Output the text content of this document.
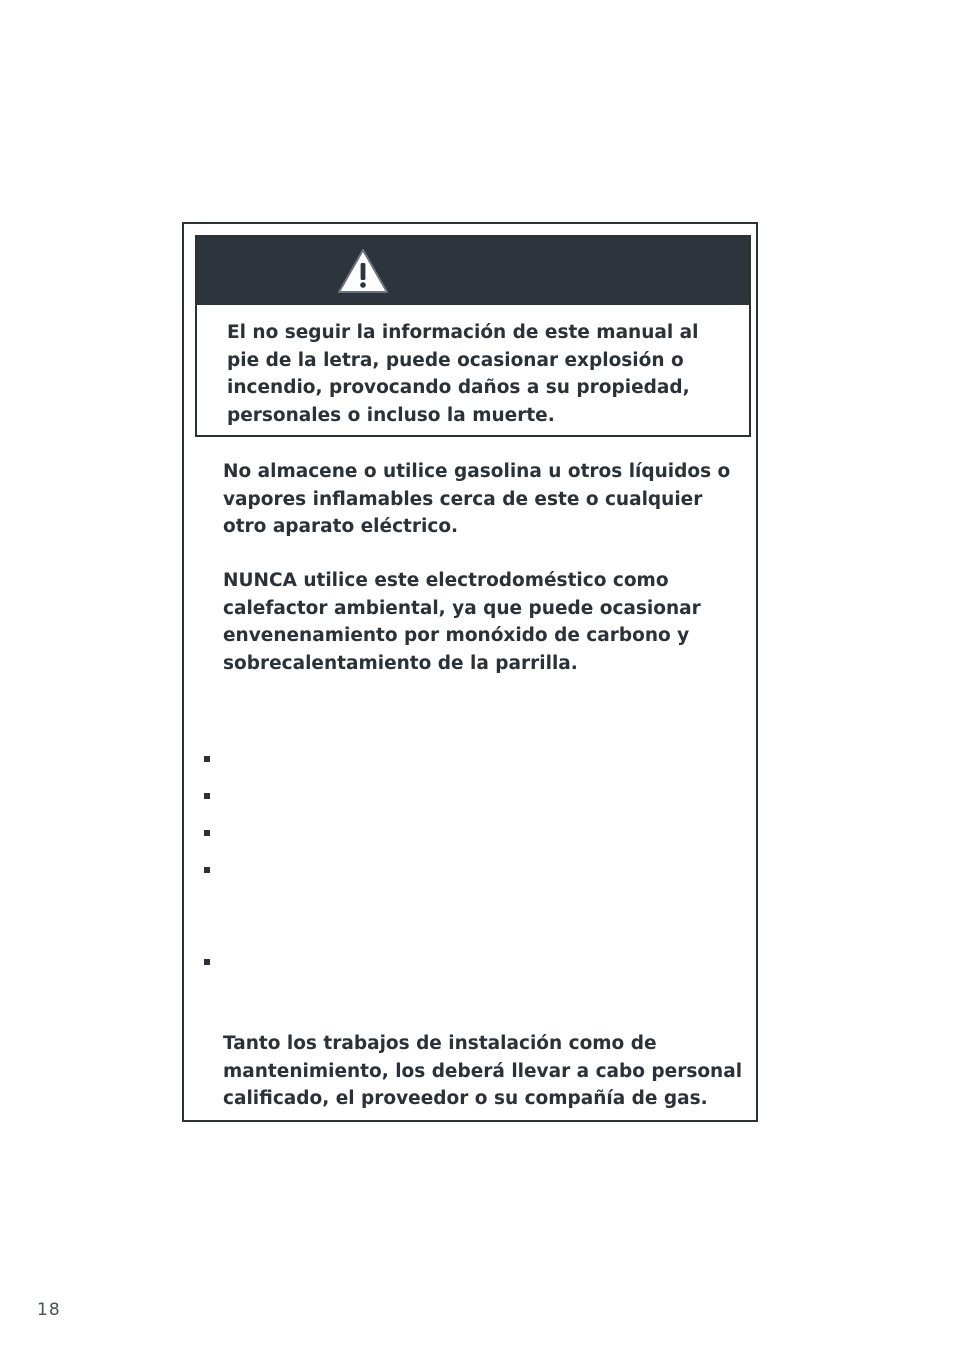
El no seguir la información de este manual al pie de la letra, puede ocasionar explosión o incendio, provocando daños a su propiedad, personales o incluso la muerte.

No almacene o utilice gasolina u otros líquidos o vapores inflamables cerca de este o cualquier otro aparato eléctrico.

NUNCA utilice este electrodoméstico como calefactor ambiental, ya que puede ocasionar envenenamiento por monóxido de carbono y sobrecalentamiento de la parrilla.

Tanto los trabajos de instalación como de mantenimiento, los deberá llevar a cabo personal calificado, el proveedor o su compañía de gas.

18
